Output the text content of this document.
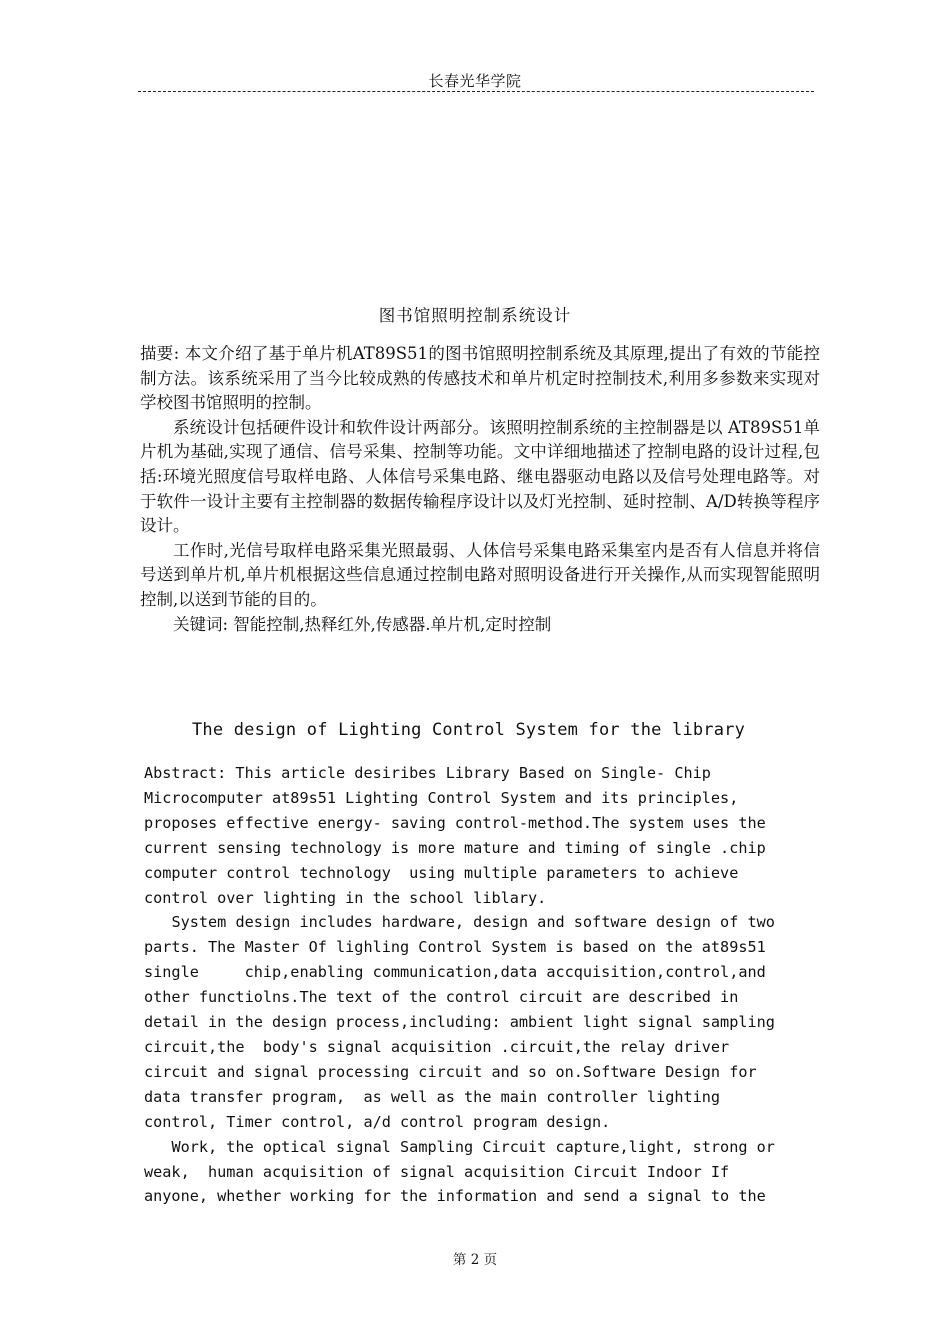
长春光华学院
图书馆照明控制系统设计

描要: 本文介绍了基于单片机AT89S51的图书馆照明控制系统及其原理,提出了有效的节能控制方法。该系统采用了当今比较成熟的传感技术和单片机定时控制技术,利用多参数来实现对学校图书馆照明的控制。

系统设计包括硬件设计和软件设计两部分。该照明控制系统的主控制器是以 AT89S51单片机为基础,实现了通信、信号采集、控制等功能。文中详细地描述了控制电路的设计过程,包括:环境光照度信号取样电路、人体信号采集电路、继电器驱动电路以及信号处理电路等。对于软件一设计主要有主控制器的数据传输程序设计以及灯光控制、延时控制、A/D转换等程序设计。

工作时,光信号取样电路采集光照最弱、人体信号采集电路采集室内是否有人信息并将信号送到单片机,单片机根据这些信息通过控制电路对照明设备进行开关操作,从而实现智能照明控制,以送到节能的目的。

关键词: 智能控制,热释红外,传感器.单片机,定时控制

The design of Lighting Control System for the library

Abstract: This article desiribes Library Based on Single- Chip
Microcomputer at89s51 Lighting Control System and its principles,
proposes effective energy- saving control-method.The system uses the
current sensing technology is more mature and timing of single .chip
computer control technology  using multiple parameters to achieve
control over lighting in the school liblary.

System design includes hardware, design and software design of two
parts. The Master Of lighling Control System is based on the at89s51
single     chip,enabling communication,data accquisition,control,and
other functiolns.The text of the control circuit are described in
detail in the design process,including: ambient light signal sampling
circuit,the  body's signal acquisition .circuit,the relay driver
circuit and signal processing circuit and so on.Software Design for
data transfer program,  as well as the main controller lighting
control, Timer control, a/d control program design.

Work, the optical signal Sampling Circuit capture,light, strong or
weak,  human acquisition of signal acquisition Circuit Indoor If
anyone, whether working for the information and send a signal to the

第 2 页
